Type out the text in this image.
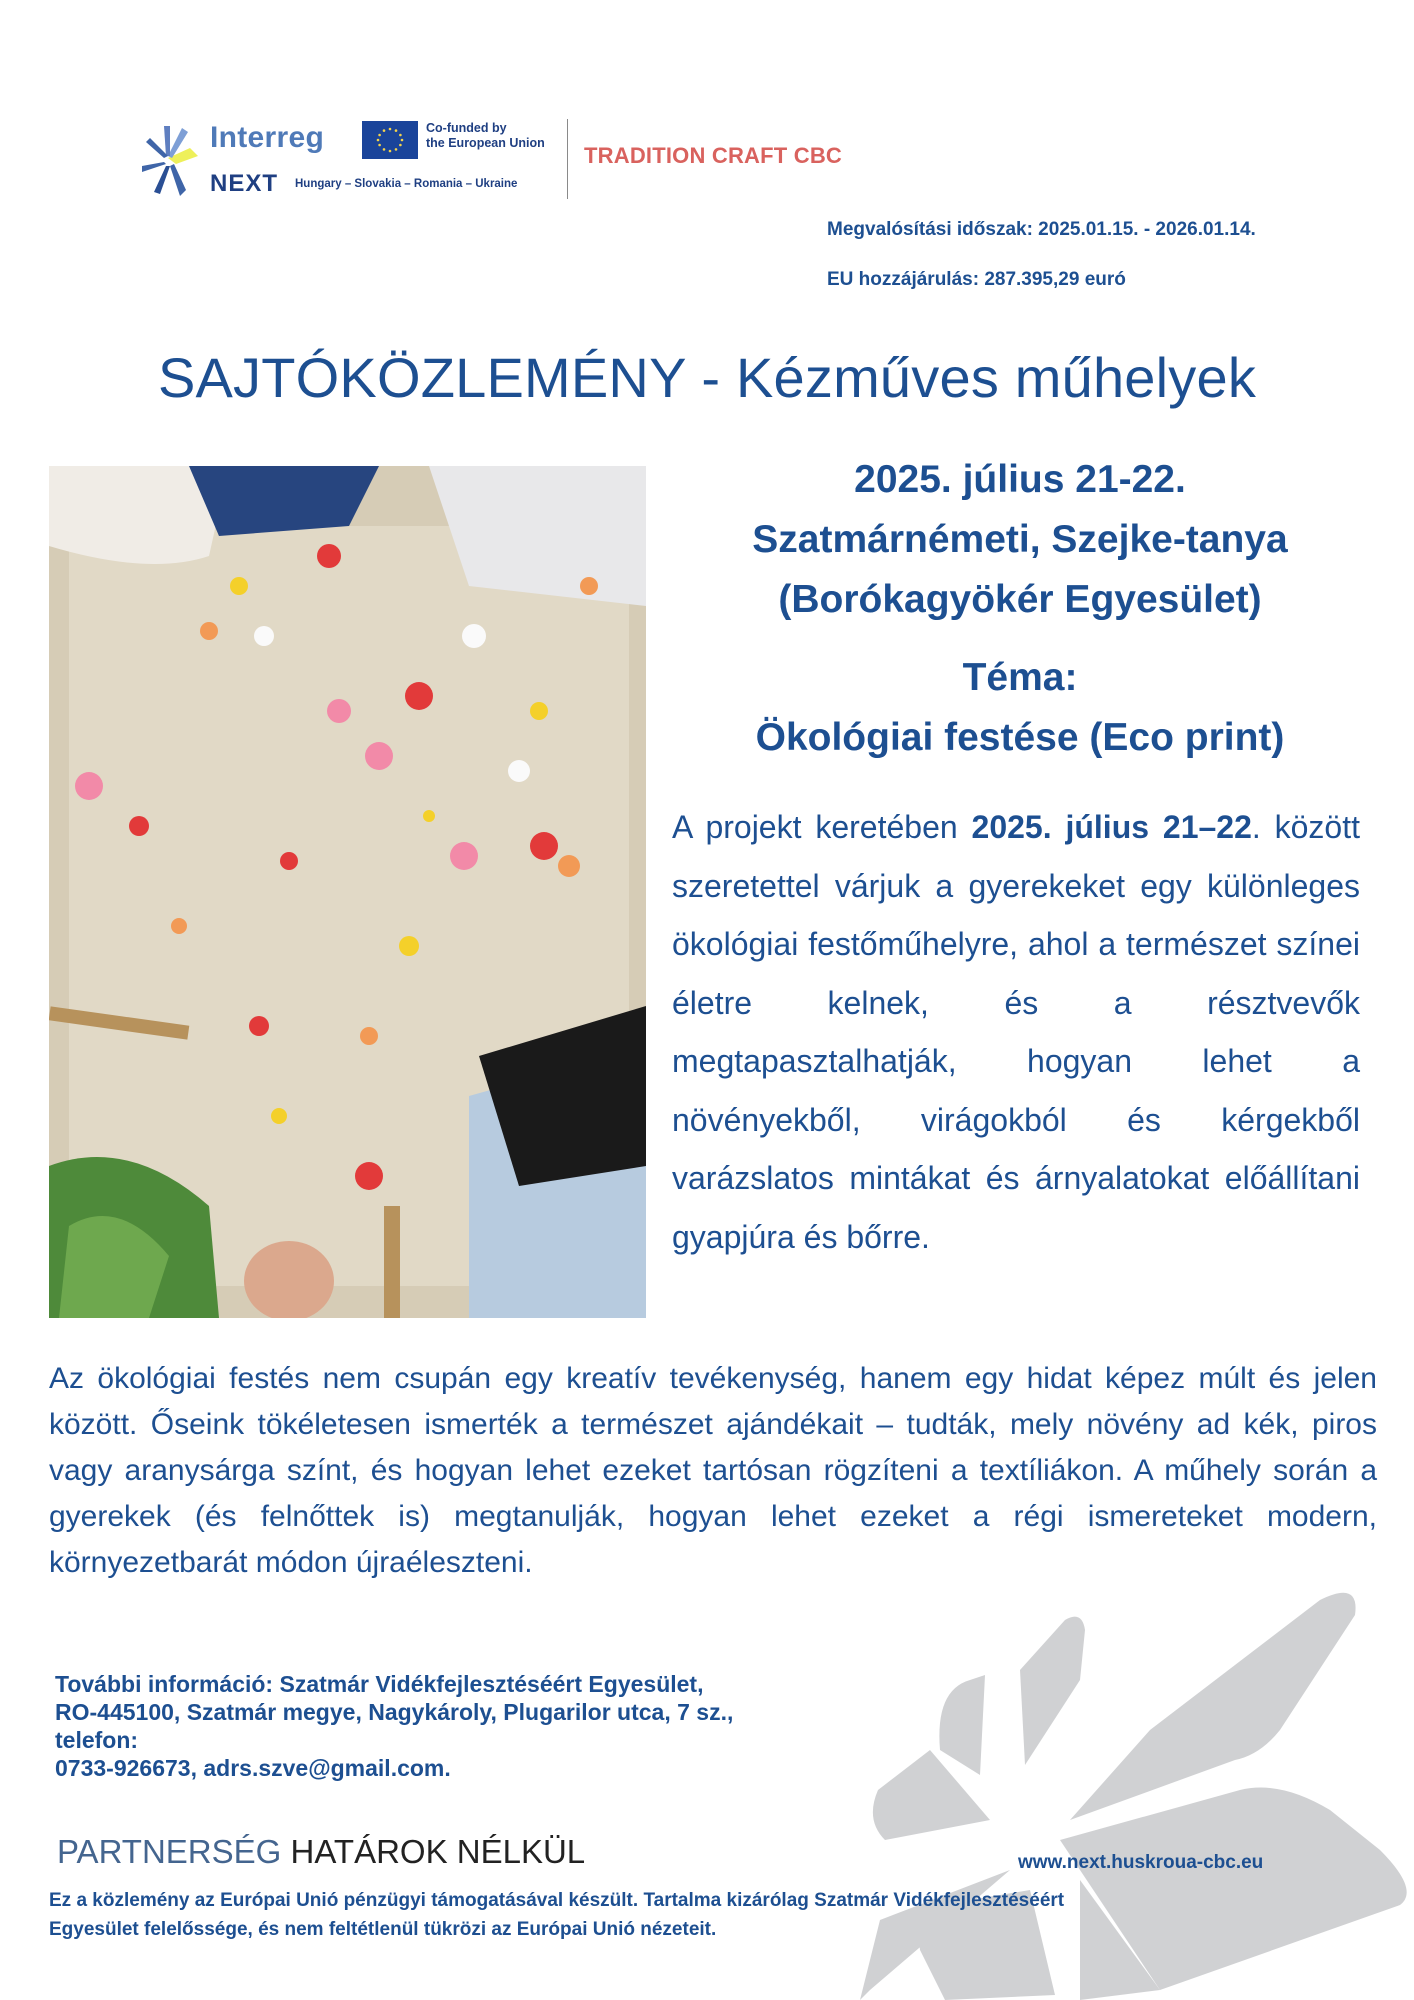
Interreg	Co-funded by
the European Union
NEXT Hungary – Slovakia – Romania – Ukraine
TRADITION CRAFT CBC
Megvalósítási időszak: 2025.01.15. - 2026.01.14.
EU hozzájárulás: 287.395,29 euró
SAJTÓKÖZLEMÉNY - Kézműves műhelyek
2025. július 21-22.
Szatmárnémeti, Szejke-tanya
(Borókagyökér Egyesület)
Téma:
Ökológiai festése (Eco print)

A projekt keretében 2025. július 21–22. között szeretettel várjuk a gyerekeket egy különleges ökológiai festőműhelyre, ahol a természet színei életre kelnek, és a résztvevők megtapasztalhatják, hogyan lehet a növényekből, virágokból és kérgekből varázslatos mintákat és árnyalatokat előállítani gyapjúra és bőrre.

Az ökológiai festés nem csupán egy kreatív tevékenység, hanem egy hidat képez múlt és jelen között. Őseink tökéletesen ismerték a természet ajándékait – tudták, mely növény ad kék, piros vagy aranysárga színt, és hogyan lehet ezeket tartósan rögzíteni a textíliákon. A műhely során a gyerekek (és felnőttek is) megtanulják, hogyan lehet ezeket a régi ismereteket modern, környezetbarát módon újraéleszteni.

További információ: Szatmár Vidékfejlesztéséért Egyesület,
RO-445100, Szatmár megye, Nagykároly, Plugarilor utca, 7 sz.,
telefon:
0733-926673, adrs.szve@gmail.com.
PARTNERSÉG HATÁROK NÉLKÜL	www.next.huskroua-cbc.eu
Ez a közlemény az Európai Unió pénzügyi támogatásával készült. Tartalma kizárólag Szatmár Vidékfejlesztéséért
Egyesület felelőssége, és nem feltétlenül tükrözi az Európai Unió nézeteit.
